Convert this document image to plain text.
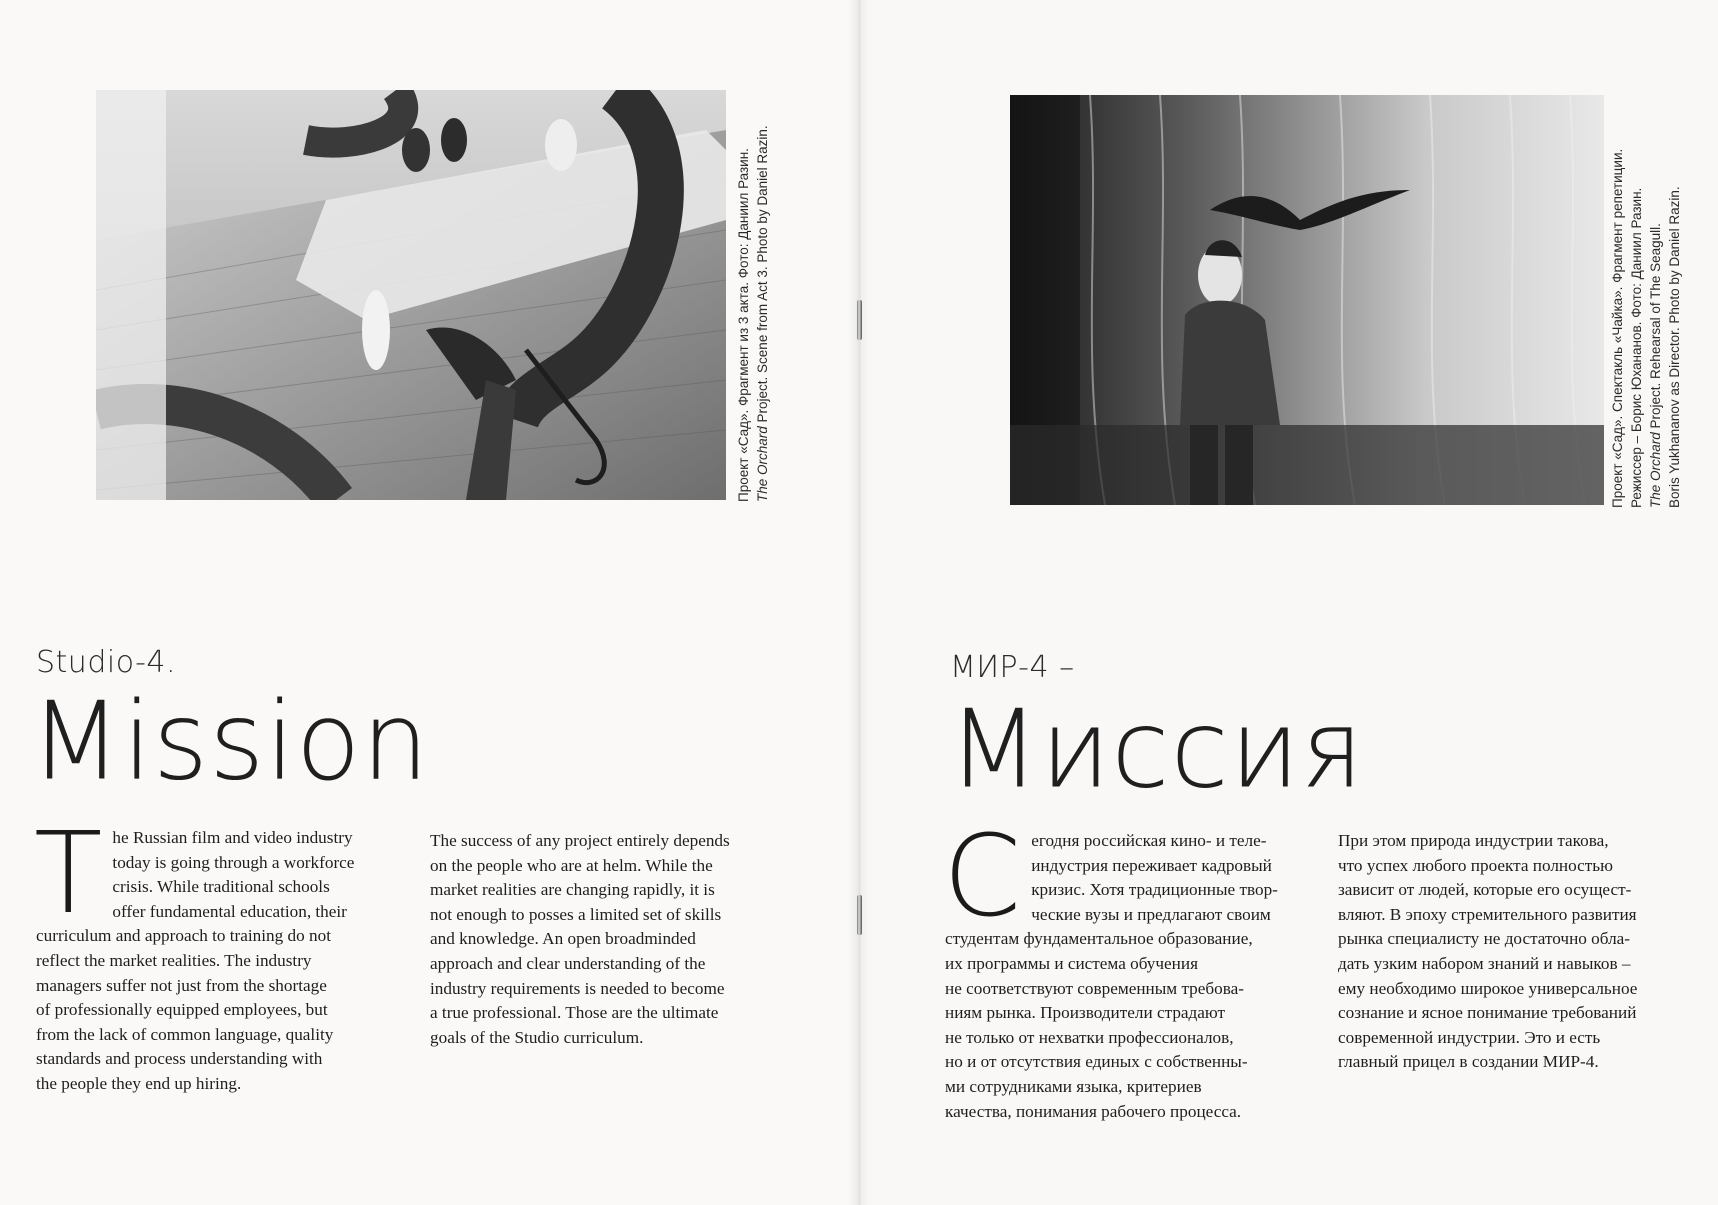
Проект «Сад». Фрагмент из 3 акта. Фото: Даниил Разин. The Orchard Project. Scene from Act 3. Photo by Daniel Razin.	Проект «Сад». Спектакль «Чайка». Фрагмент репетиции. Режиссер – Борис Юхананов. Фото: Даниил Разин. The Orchard Project. Rehearsal of The Seagull. Boris Yukhananov as Director. Photo by Daniel Razin.
Studio-4.
Mission
МИР-4 –
Миссия
T he Russian film and video industry
today is going through a workforce
crisis. While traditional schools
offer fundamental education, their
curriculum and approach to training do not
reflect the market realities. The industry
managers suffer not just from the shortage
of professionally equipped employees, but
from the lack of common language, quality
standards and process understanding with
the people they end up hiring.
The success of any project entirely depends
on the people who are at helm. While the
market realities are changing rapidly, it is
not enough to posses a limited set of skills
and knowledge. An open broadminded
approach and clear understanding of the
industry requirements is needed to become
a true professional. Those are the ultimate
goals of the Studio curriculum.
С егодня российская кино- и теле-
индустрия переживает кадровый
кризис. Хотя традиционные твор-
ческие вузы и предлагают своим
студентам фундаментальное образование,
их программы и система обучения
не соответствуют современным требова-
ниям рынка. Производители страдают
не только от нехватки профессионалов,
но и от отсутствия единых с собственны-
ми сотрудниками языка, критериев
качества, понимания рабочего процесса.
При этом природа индустрии такова,
что успех любого проекта полностью
зависит от людей, которые его осущест-
вляют. В эпоху стремительного развития
рынка специалисту не достаточно обла-
дать узким набором знаний и навыков –
ему необходимо широкое универсальное
сознание и ясное понимание требований
современной индустрии. Это и есть
главный прицел в создании МИР-4.
